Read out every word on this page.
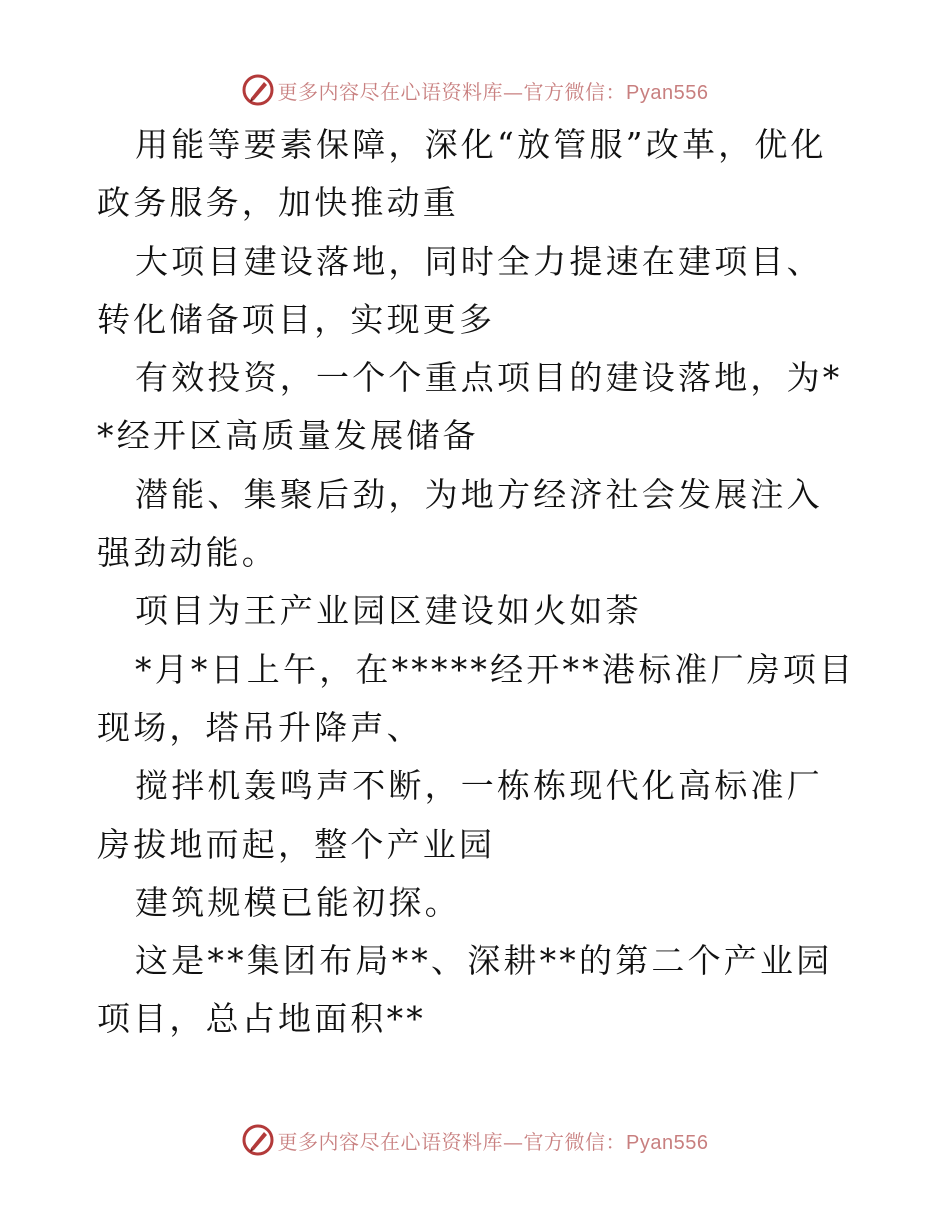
更多内容尽在心语资料库—官方微信：Pyan556

用能等要素保障，深化“放管服”改革，优化政务服务，加快推动重

大项目建设落地，同时全力提速在建项目、转化储备项目，实现更多

有效投资，一个个重点项目的建设落地，为**经开区高质量发展储备

潜能、集聚后劲，为地方经济社会发展注入强劲动能。

项目为王产业园区建设如火如荼

*月*日上午，在*****经开**港标准厂房项目现场，塔吊升降声、

搅拌机轰鸣声不断，一栋栋现代化高标准厂房拔地而起，整个产业园

建筑规模已能初探。

这是**集团布局**、深耕**的第二个产业园项目，总占地面积**

更多内容尽在心语资料库—官方微信：Pyan556
